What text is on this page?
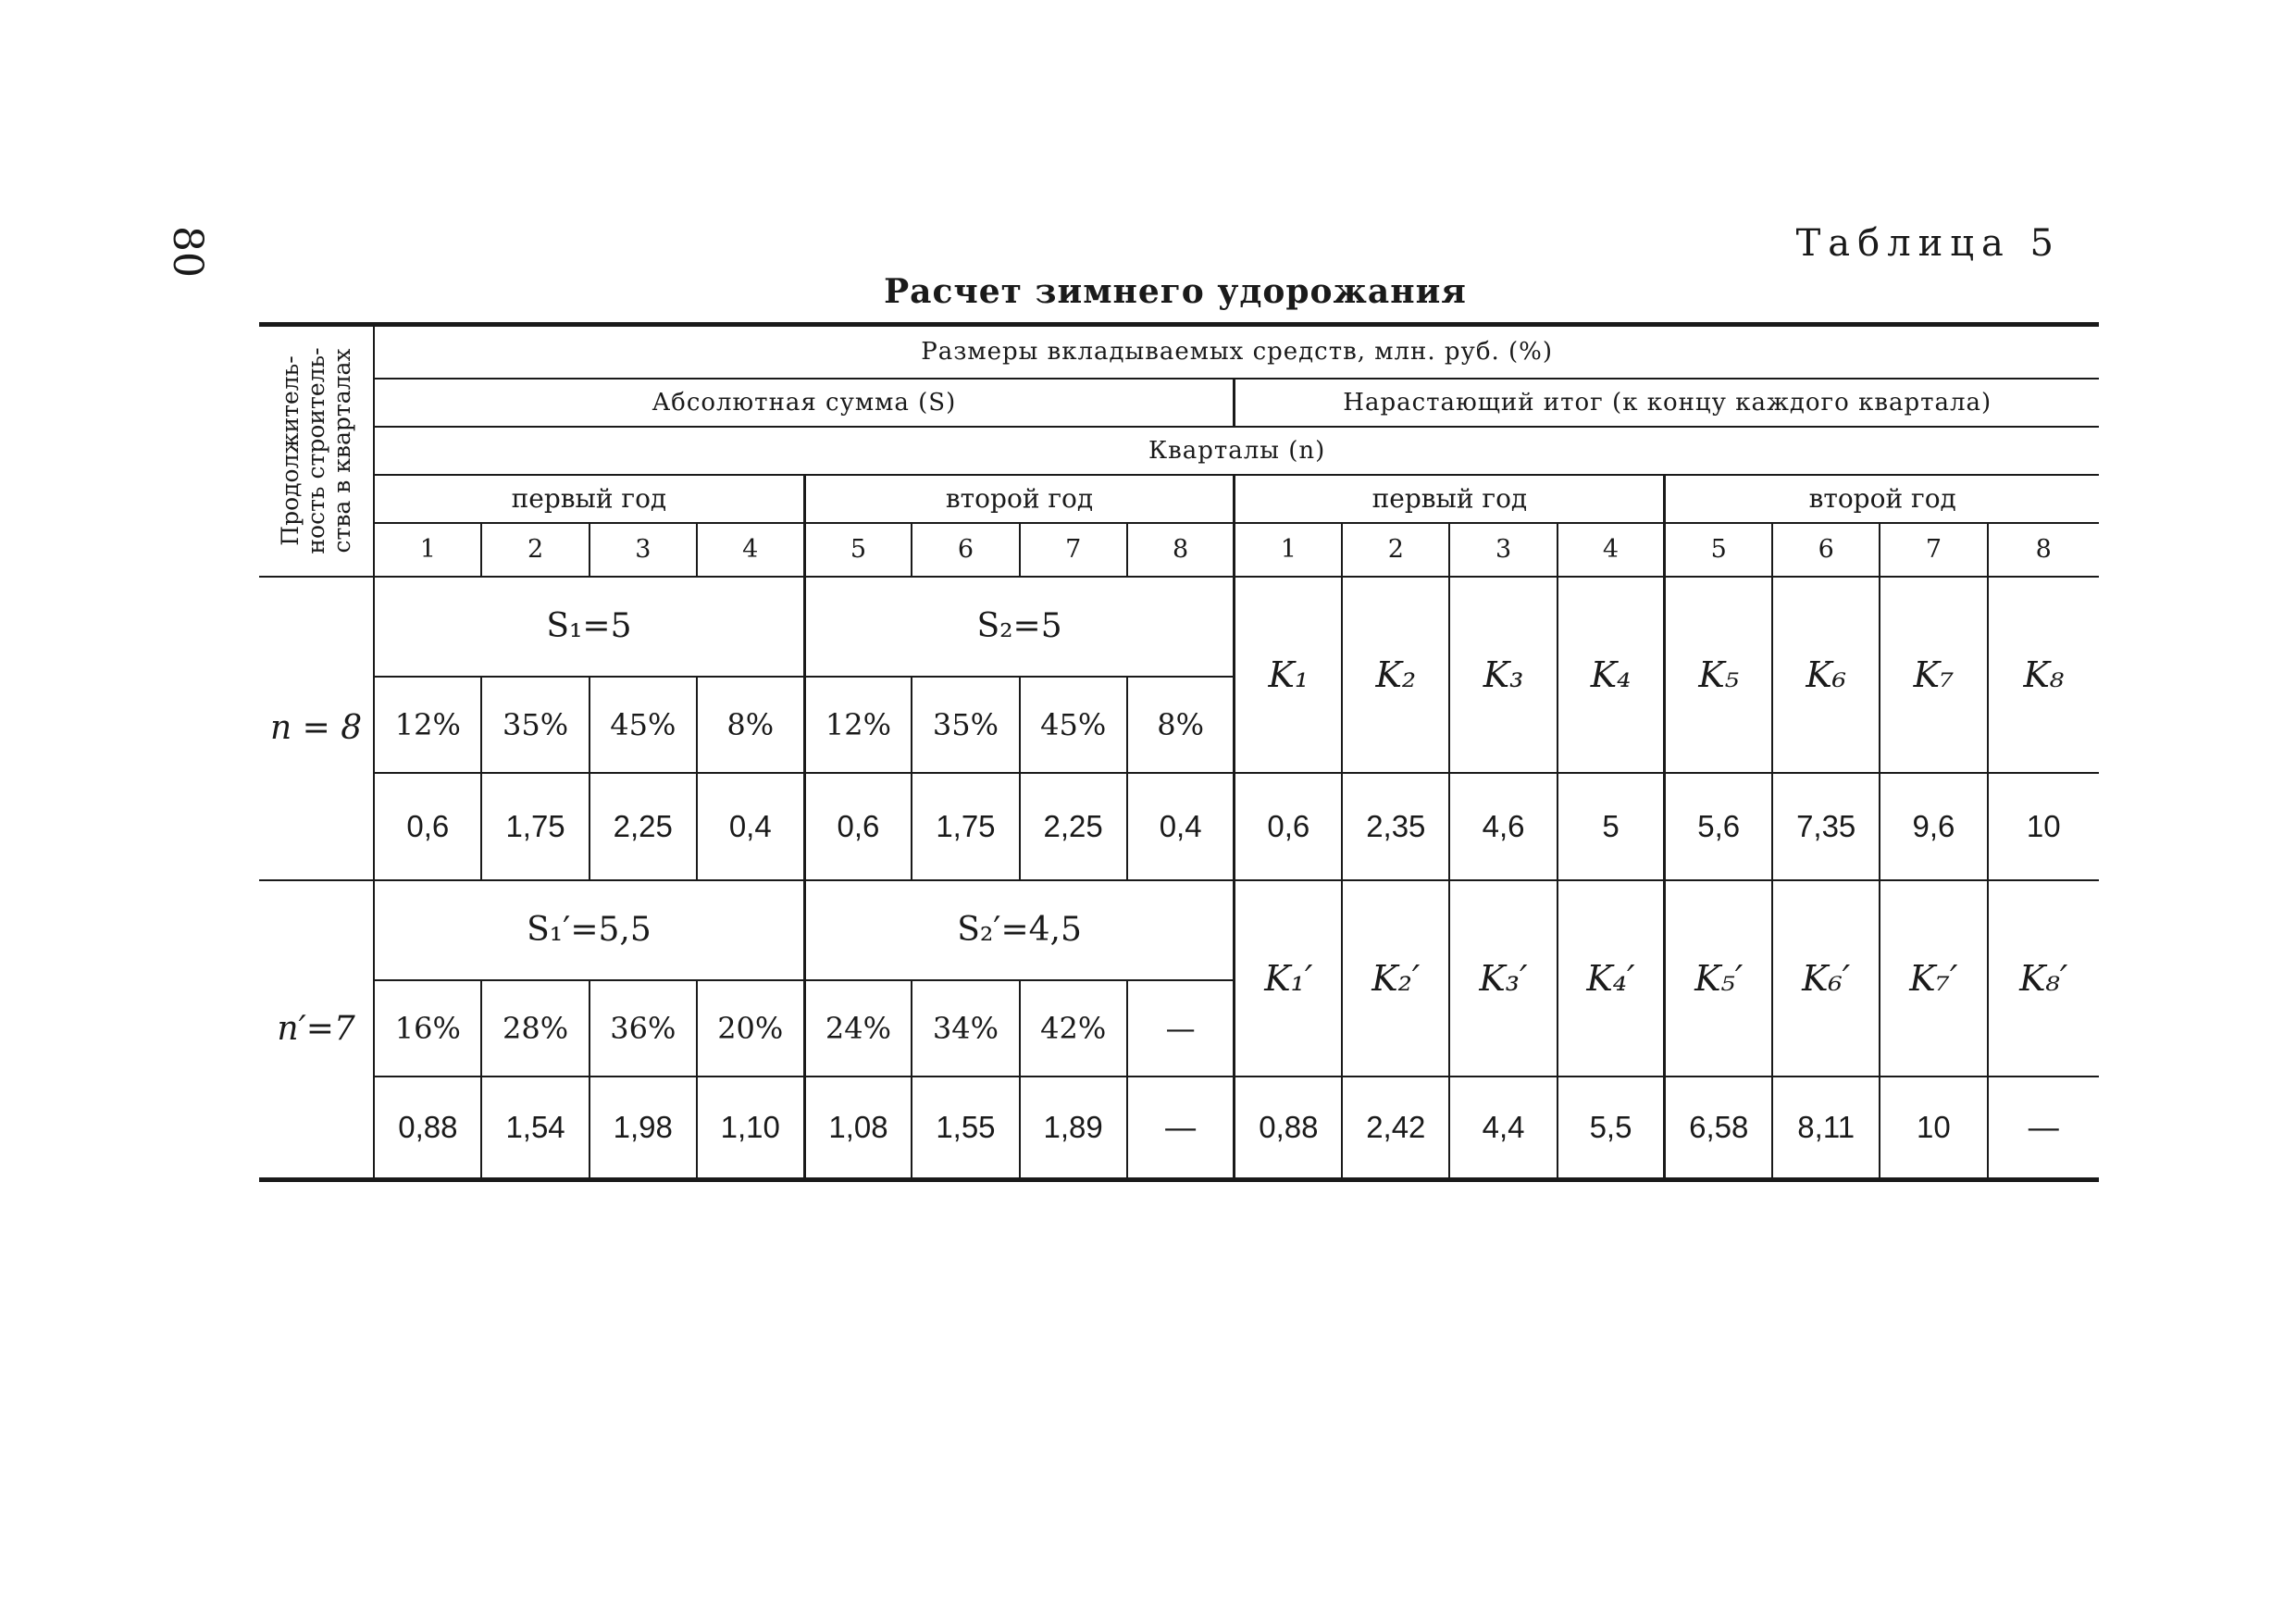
80	Таблица 5
Расчет зимнего удорожания
Продолжитель-
ность строитель-
ства в кварталах	Размеры вкладываемых средств, млн. руб. (%)															
	Абсолютная сумма (S)								Нарастающий итог (к концу каждого квартала)							
	Кварталы (n)															
	первый год				второй год				первый год				второй год			
	1	2	3	4	5	6	7	8	1	2	3	4	5	6	7	8
n = 8	S₁=5				S₂=5				K₁	K₂	K₃	K₄	K₅	K₆	K₇	K₈
	12%	35%	45%	8%	12%	35%	45%	8%								
	0,6	1,75	2,25	0,4	0,6	1,75	2,25	0,4	0,6	2,35	4,6	5	5,6	7,35	9,6	10
n′=7	S₁′=5,5				S₂′=4,5				K₁′	K₂′	K₃′	K₄′	K₅′	K₆′	K₇′	K₈′
	16%	28%	36%	20%	24%	34%	42%	—								
	0,88	1,54	1,98	1,10	1,08	1,55	1,89	—	0,88	2,42	4,4	5,5	6,58	8,11	10	—
